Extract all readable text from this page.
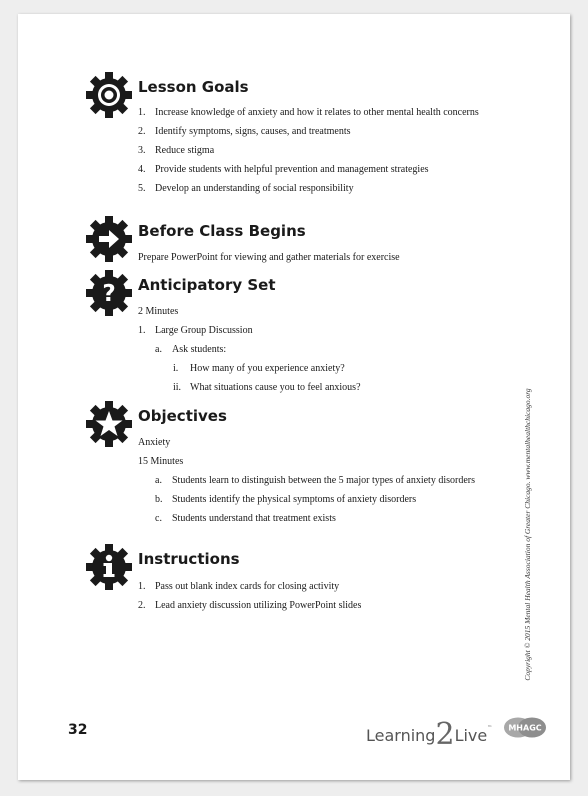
Lesson Goals
1. Increase knowledge of anxiety and how it relates to other mental health concerns
2. Identify symptoms, signs, causes, and treatments
3. Reduce stigma
4. Provide students with helpful prevention and management strategies
5. Develop an understanding of social responsibility
Before Class Begins
Prepare PowerPoint for viewing and gather materials for exercise
? Anticipatory Set
2 Minutes
1. Large Group Discussion
a. Ask students:
i. How many of you experience anxiety?
ii. What situations cause you to feel anxious?
Objectives
Anxiety
15 Minutes
a. Students learn to distinguish between the 5 major types of anxiety disorders
b. Students identify the physical symptoms of anxiety disorders
c. Students understand that treatment exists
Instructions
1. Pass out blank index cards for closing activity
2. Lead anxiety discussion utilizing PowerPoint slides	Copyright © 2015 Mental Health Association of Greater Chicago. www.mentalhealthchicago.org
32	Learning2Live™ MHAGC
